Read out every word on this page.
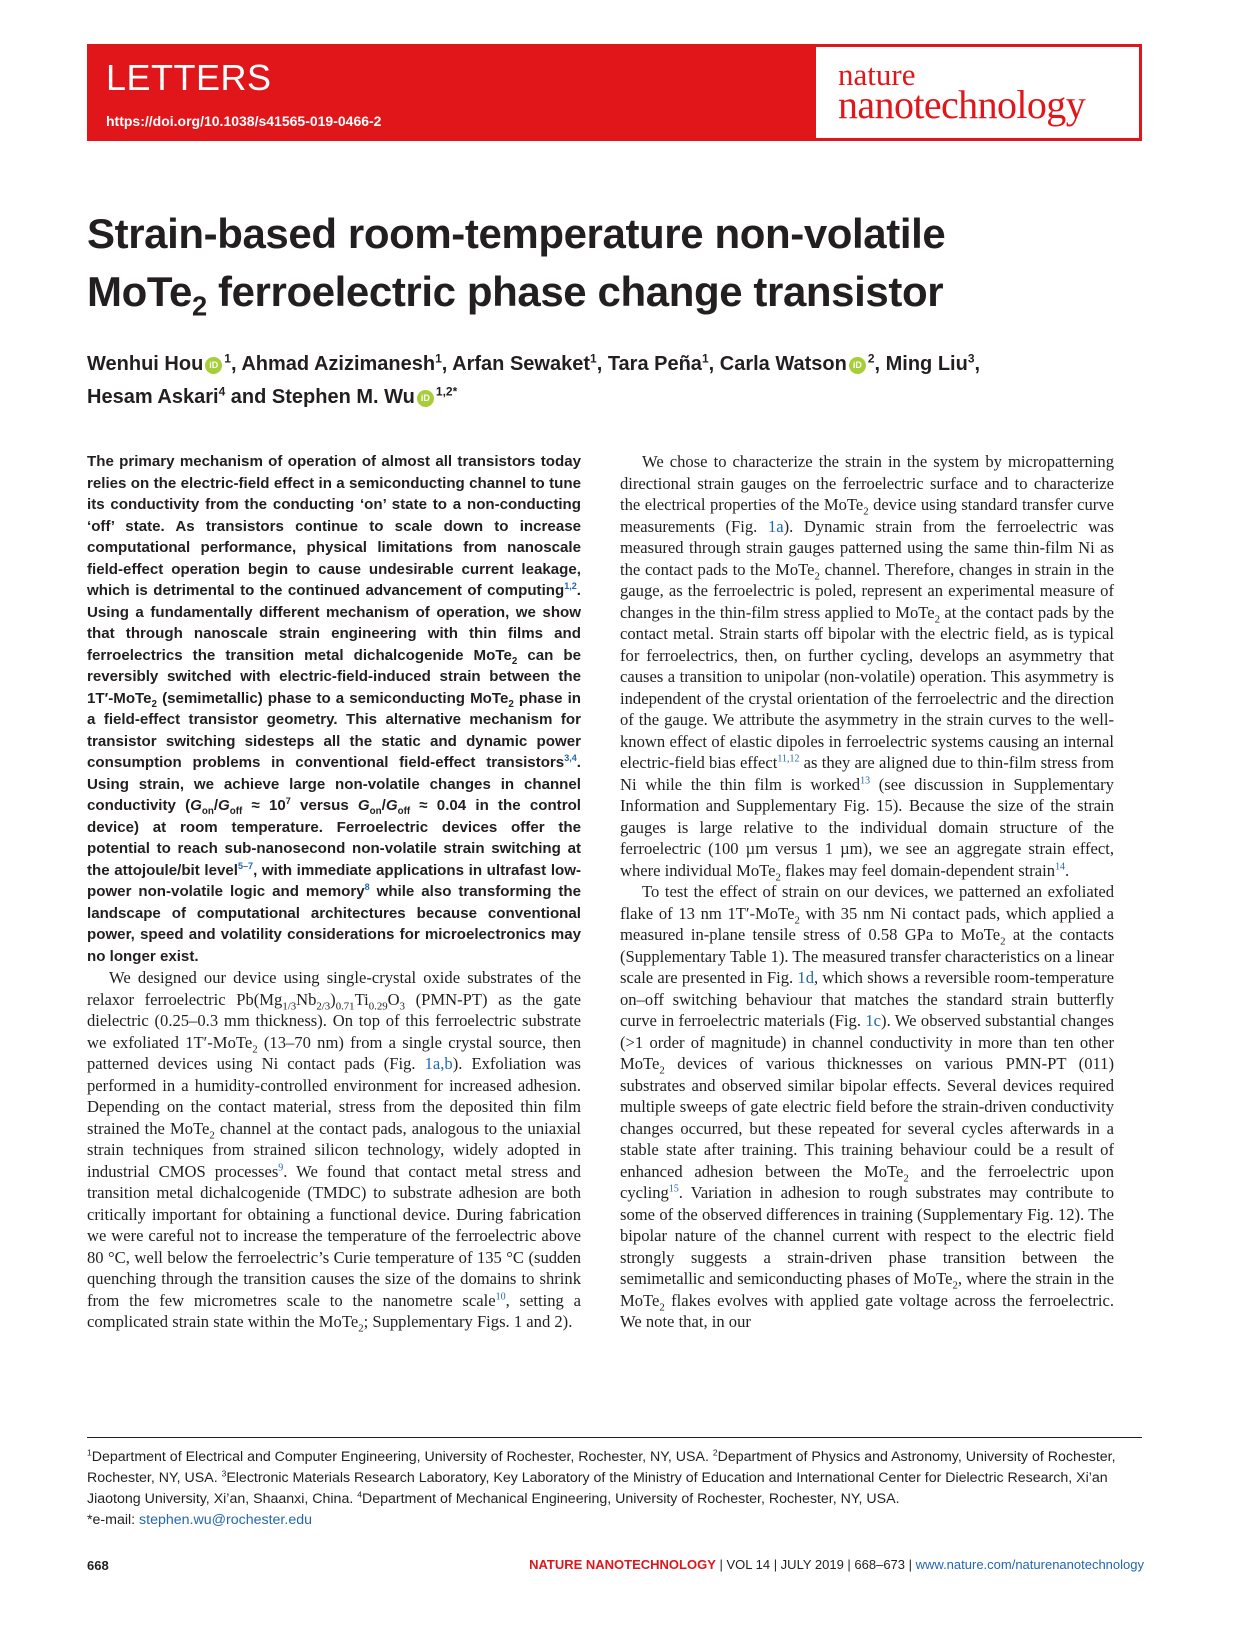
LETTERS
https://doi.org/10.1038/s41565-019-0466-2
nature
nanotechnology
Strain-based room-temperature non-volatile
MoTe$_2$ ferroelectric phase change transistor
Wenhui Hou iD $^1$, Ahmad Azizimanesh$^1$, Arfan Sewaket$^1$, Tara Peña$^1$, Carla Watson iD $^2$, Ming Liu$^3$,
Hesam Askari$^4$ and Stephen M. Wu iD $^{1,2*}$

The primary mechanism of operation of almost all transistors today relies on the electric-field effect in a semiconducting channel to tune its conductivity from the conducting ‘on’ state to a non-conducting ‘off’ state. As transistors continue to scale down to increase computational performance, physical limitations from nanoscale field-effect operation begin to cause undesirable current leakage, which is detrimental to the continued advancement of computing$^{1,2}$. Using a fundamentally different mechanism of operation, we show that through nanoscale strain engineering with thin films and ferroelectrics the transition metal dichalcogenide MoTe$_2$ can be reversibly switched with electric-field-induced strain between the 1T′-MoTe$_2$ (semimetallic) phase to a semiconducting MoTe$_2$ phase in a field-effect transistor geometry. This alternative mechanism for transistor switching sidesteps all the static and dynamic power consumption problems in conventional field-effect transistors$^{3,4}$. Using strain, we achieve large non-volatile changes in channel conductivity ($G_{on}/G_{off} \approx 10^7$ versus $G_{on}/G_{off} \approx 0.04$ in the control device) at room temperature. Ferroelectric devices offer the potential to reach sub-nanosecond non-volatile strain switching at the attojoule/bit level$^{5-7}$, with immediate applications in ultrafast low-power non-volatile logic and memory$^8$ while also transforming the landscape of computational architectures because conventional power, speed and volatility considerations for microelectronics may no longer exist.

We designed our device using single-crystal oxide substrates of the relaxor ferroelectric $Pb(Mg_{1/3}Nb_{2/3})_{0.71}Ti_{0.29}O_3$ (PMN-PT) as the gate dielectric (0.25–0.3 mm thickness). On top of this ferroelectric substrate we exfoliated 1T′-MoTe$_2$ (13–70 nm) from a single crystal source, then patterned devices using Ni contact pads (Fig. 1a,b). Exfoliation was performed in a humidity-controlled environment for increased adhesion. Depending on the contact material, stress from the deposited thin film strained the MoTe$_2$ channel at the contact pads, analogous to the uniaxial strain techniques from strained silicon technology, widely adopted in industrial CMOS processes$^9$. We found that contact metal stress and transition metal dichalcogenide (TMDC) to substrate adhesion are both critically important for obtaining a functional device. During fabrication we were careful not to increase the temperature of the ferroelectric above 80 °C, well below the ferroelectric’s Curie temperature of 135 °C (sudden quenching through the transition causes the size of the domains to shrink from the few micrometres scale to the nanometre scale$^{10}$, setting a complicated strain state within the MoTe$_2$; Supplementary Figs. 1 and 2).

We chose to characterize the strain in the system by micropatterning directional strain gauges on the ferroelectric surface and to characterize the electrical properties of the MoTe$_2$ device using standard transfer curve measurements (Fig. 1a). Dynamic strain from the ferroelectric was measured through strain gauges patterned using the same thin-film Ni as the contact pads to the MoTe$_2$ channel. Therefore, changes in strain in the gauge, as the ferroelectric is poled, represent an experimental measure of changes in the thin-film stress applied to MoTe$_2$ at the contact pads by the contact metal. Strain starts off bipolar with the electric field, as is typical for ferroelectrics, then, on further cycling, develops an asymmetry that causes a transition to unipolar (non-volatile) operation. This asymmetry is independent of the crystal orientation of the ferroelectric and the direction of the gauge. We attribute the asymmetry in the strain curves to the well-known effect of elastic dipoles in ferroelectric systems causing an internal electric-field bias effect$^{11,12}$ as they are aligned due to thin-film stress from Ni while the thin film is worked$^{13}$ (see discussion in Supplementary Information and Supplementary Fig. 15). Because the size of the strain gauges is large relative to the individual domain structure of the ferroelectric (100 µm versus 1 µm), we see an aggregate strain effect, where individual MoTe$_2$ flakes may feel domain-dependent strain$^{14}$.

To test the effect of strain on our devices, we patterned an exfoliated flake of 13 nm 1T′-MoTe$_2$ with 35 nm Ni contact pads, which applied a measured in-plane tensile stress of 0.58 GPa to MoTe$_2$ at the contacts (Supplementary Table 1). The measured transfer characteristics on a linear scale are presented in Fig. 1d, which shows a reversible room-temperature on–off switching behaviour that matches the standard strain butterfly curve in ferroelectric materials (Fig. 1c). We observed substantial changes (>1 order of magnitude) in channel conductivity in more than ten other MoTe$_2$ devices of various thicknesses on various PMN-PT (011) substrates and observed similar bipolar effects. Several devices required multiple sweeps of gate electric field before the strain-driven conductivity changes occurred, but these repeated for several cycles afterwards in a stable state after training. This training behaviour could be a result of enhanced adhesion between the MoTe$_2$ and the ferroelectric upon cycling$^{15}$. Variation in adhesion to rough substrates may contribute to some of the observed differences in training (Supplementary Fig. 12). The bipolar nature of the channel current with respect to the electric field strongly suggests a strain-driven phase transition between the semimetallic and semiconducting phases of MoTe$_2$, where the strain in the MoTe$_2$ flakes evolves with applied gate voltage across the ferroelectric. We note that, in our

$^1$Department of Electrical and Computer Engineering, University of Rochester, Rochester, NY, USA. $^2$Department of Physics and Astronomy, University of Rochester, Rochester, NY, USA. $^3$Electronic Materials Research Laboratory, Key Laboratory of the Ministry of Education and International Center for Dielectric Research, Xi’an Jiaotong University, Xi’an, Shaanxi, China. $^4$Department of Mechanical Engineering, University of Rochester, Rochester, NY, USA.

*e-mail: stephen.wu@rochester.edu
668	NATURE NANOTECHNOLOGY | VOL 14 | JULY 2019 | 668–673 | www.nature.com/naturenanotechnology
